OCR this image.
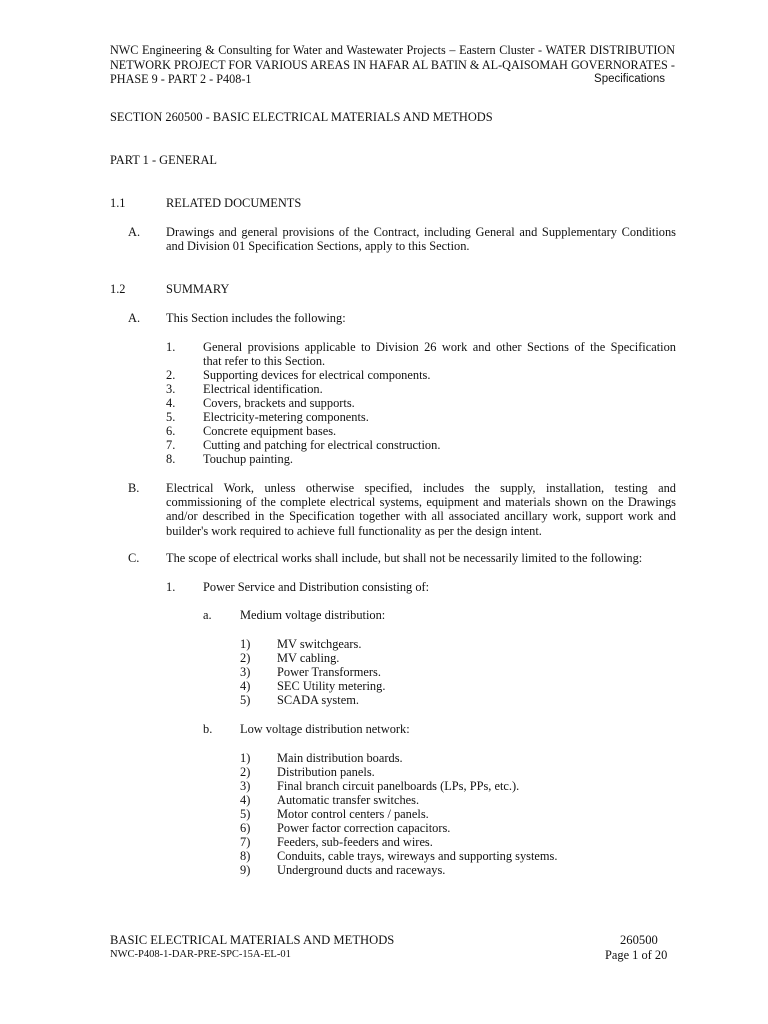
NWC Engineering & Consulting for Water and Wastewater Projects – Eastern Cluster - WATER DISTRIBUTION
NETWORK PROJECT FOR VARIOUS AREAS IN HAFAR AL BATIN & AL-QAISOMAH GOVERNORATES -
PHASE 9 - PART 2 - P408-1	Specifications
SECTION 260500 - BASIC ELECTRICAL MATERIALS AND METHODS
PART 1 - GENERAL
1.1	RELATED DOCUMENTS
A. Drawings and general provisions of the Contract, including General and Supplementary Conditions and Division 01 Specification Sections, apply to this Section.
1.2	SUMMARY
A. This Section includes the following:
1. General provisions applicable to Division 26 work and other Sections of the Specification
that refer to this Section.
2. Supporting devices for electrical components.
3. Electrical identification.
4. Covers, brackets and supports.
5. Electricity-metering components.
6. Concrete equipment bases.
7. Cutting and patching for electrical construction.
8. Touchup painting.
B. Electrical Work, unless otherwise specified, includes the supply, installation, testing and commissioning of the complete electrical systems, equipment and materials shown on the Drawings and/or described in the Specification together with all associated ancillary work, support work and builder's work required to achieve full functionality as per the design intent.
C. The scope of electrical works shall include, but shall not be necessarily limited to the following:
1. Power Service and Distribution consisting of:
a. Medium voltage distribution:
1) MV switchgears.
2) MV cabling.
3) Power Transformers.
4) SEC Utility metering.
5) SCADA system.
b. Low voltage distribution network:
1) Main distribution boards.
2) Distribution panels.
3) Final branch circuit panelboards (LPs, PPs, etc.).
4) Automatic transfer switches.
5) Motor control centers / panels.
6) Power factor correction capacitors.
7) Feeders, sub-feeders and wires.
8) Conduits, cable trays, wireways and supporting systems.
9) Underground ducts and raceways.
BASIC ELECTRICAL MATERIALS AND METHODS	260500
NWC-P408-1-DAR-PRE-SPC-15A-EL-01	Page 1 of 20
